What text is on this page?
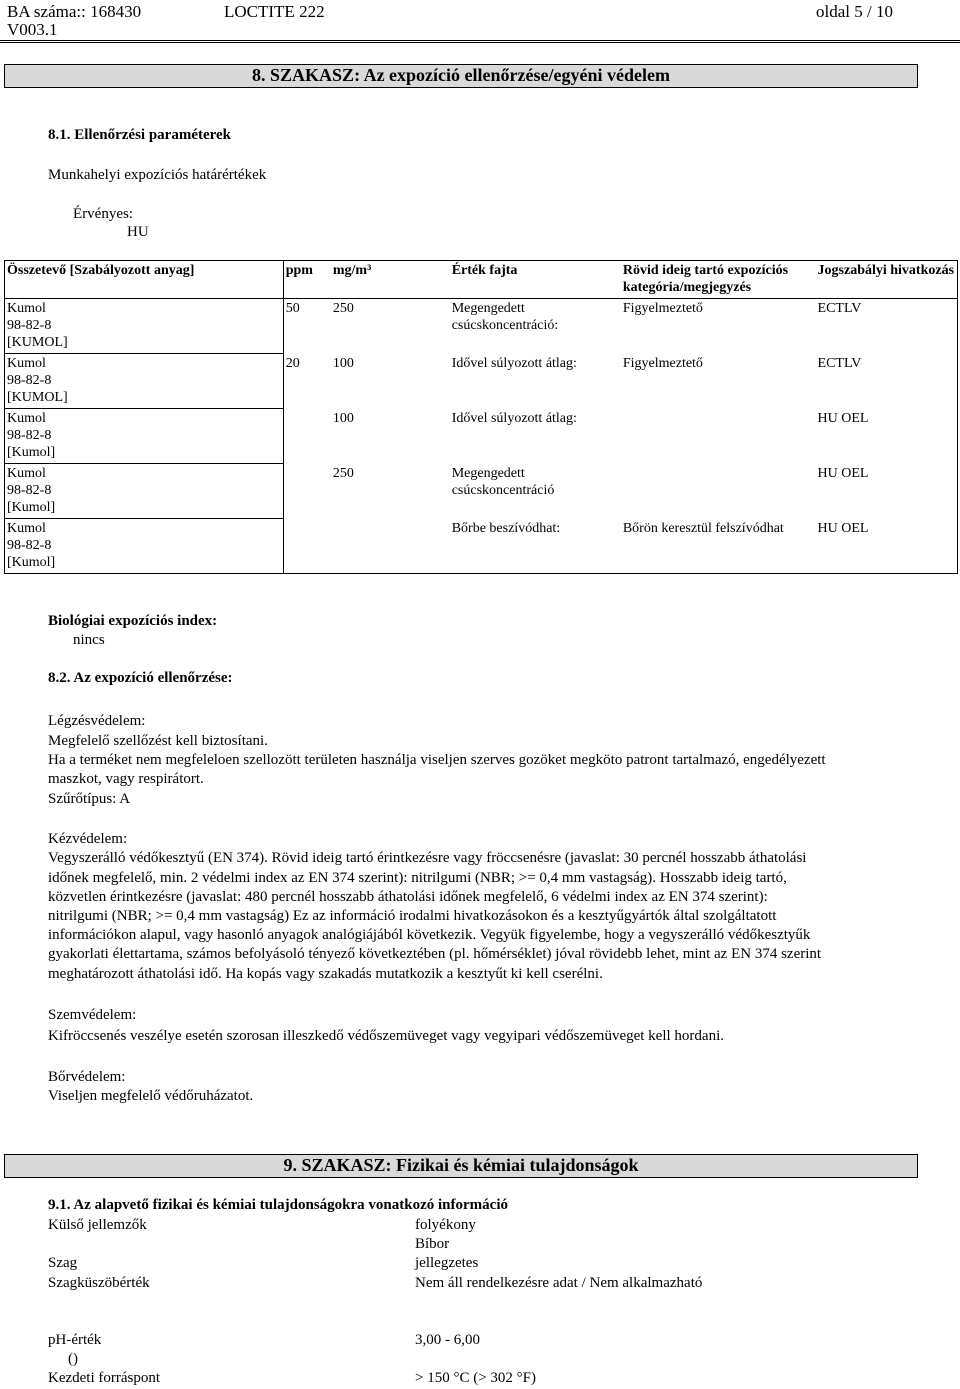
BA száma:: 168430
V003.1
LOCTITE 222	oldal 5 / 10
8. SZAKASZ: Az expozíció ellenőrzése/egyéni védelem
8.1. Ellenőrzési paraméterek
Munkahelyi expozíciós határértékek
Érvényes:
HU
Összetevő [Szabályozott anyag]	ppm	mg/m³	Érték fajta	Rövid ideig tartó expozíciós kategória/megjegyzés	Jogszabályi hivatkozás
Kumol
98-82-8
[KUMOL]	50	250	Megengedett csúcskoncentráció:	Figyelmeztető	ECTLV
Kumol
98-82-8
[KUMOL]	20	100	Idővel súlyozott átlag:	Figyelmeztető	ECTLV
Kumol
98-82-8
[Kumol]		100	Idővel súlyozott átlag:		HU OEL
Kumol
98-82-8
[Kumol]		250	Megengedett csúcskoncentráció		HU OEL
Kumol
98-82-8
[Kumol]			Bőrbe beszívódhat:	Bőrön keresztül felszívódhat	HU OEL
Biológiai expozíciós index:
nincs
8.2. Az expozíció ellenőrzése:
Légzésvédelem:
Megfelelő szellőzést kell biztosítani.
Ha a terméket nem megfeleloen szellozött területen használja viseljen szerves gozöket megköto patront tartalmazó, engedélyezett
maszkot, vagy respirátort.
Szűrőtípus: A
Kézvédelem:
Vegyszerálló védőkesztyű (EN 374). Rövid ideig tartó érintkezésre vagy fröccsenésre (javaslat: 30 percnél hosszabb áthatolási
időnek megfelelő, min. 2 védelmi index az EN 374 szerint): nitrilgumi (NBR; >= 0,4 mm vastagság). Hosszabb ideig tartó,
közvetlen érintkezésre (javaslat: 480 percnél hosszabb áthatolási időnek megfelelő, 6 védelmi index az EN 374 szerint):
nitrilgumi (NBR; >= 0,4 mm vastagság) Ez az információ irodalmi hivatkozásokon és a kesztyűgyártók által szolgáltatott
információkon alapul, vagy hasonló anyagok analógiájából következik. Vegyük figyelembe, hogy a vegyszerálló védőkesztyűk
gyakorlati élettartama, számos befolyásoló tényező következtében (pl. hőmérséklet) jóval rövidebb lehet, mint az EN 374 szerint
meghatározott áthatolási idő. Ha kopás vagy szakadás mutatkozik a kesztyűt ki kell cserélni.
Szemvédelem:
Kifröccsenés veszélye esetén szorosan illeszkedő védőszemüveget vagy vegyipari védőszemüveget kell hordani.
Bőrvédelem:
Viseljen megfelelő védőruházatot.
9. SZAKASZ: Fizikai és kémiai tulajdonságok
9.1. Az alapvető fizikai és kémiai tulajdonságokra vonatkozó információ
Külső jellemzők	folyékony
Bíbor
Szag	jellegzetes
Szagküszöbérték	Nem áll rendelkezésre adat / Nem alkalmazható
pH-érték	3,00 - 6,00
()
Kezdeti forráspont	> 150 °C (> 302 °F)
